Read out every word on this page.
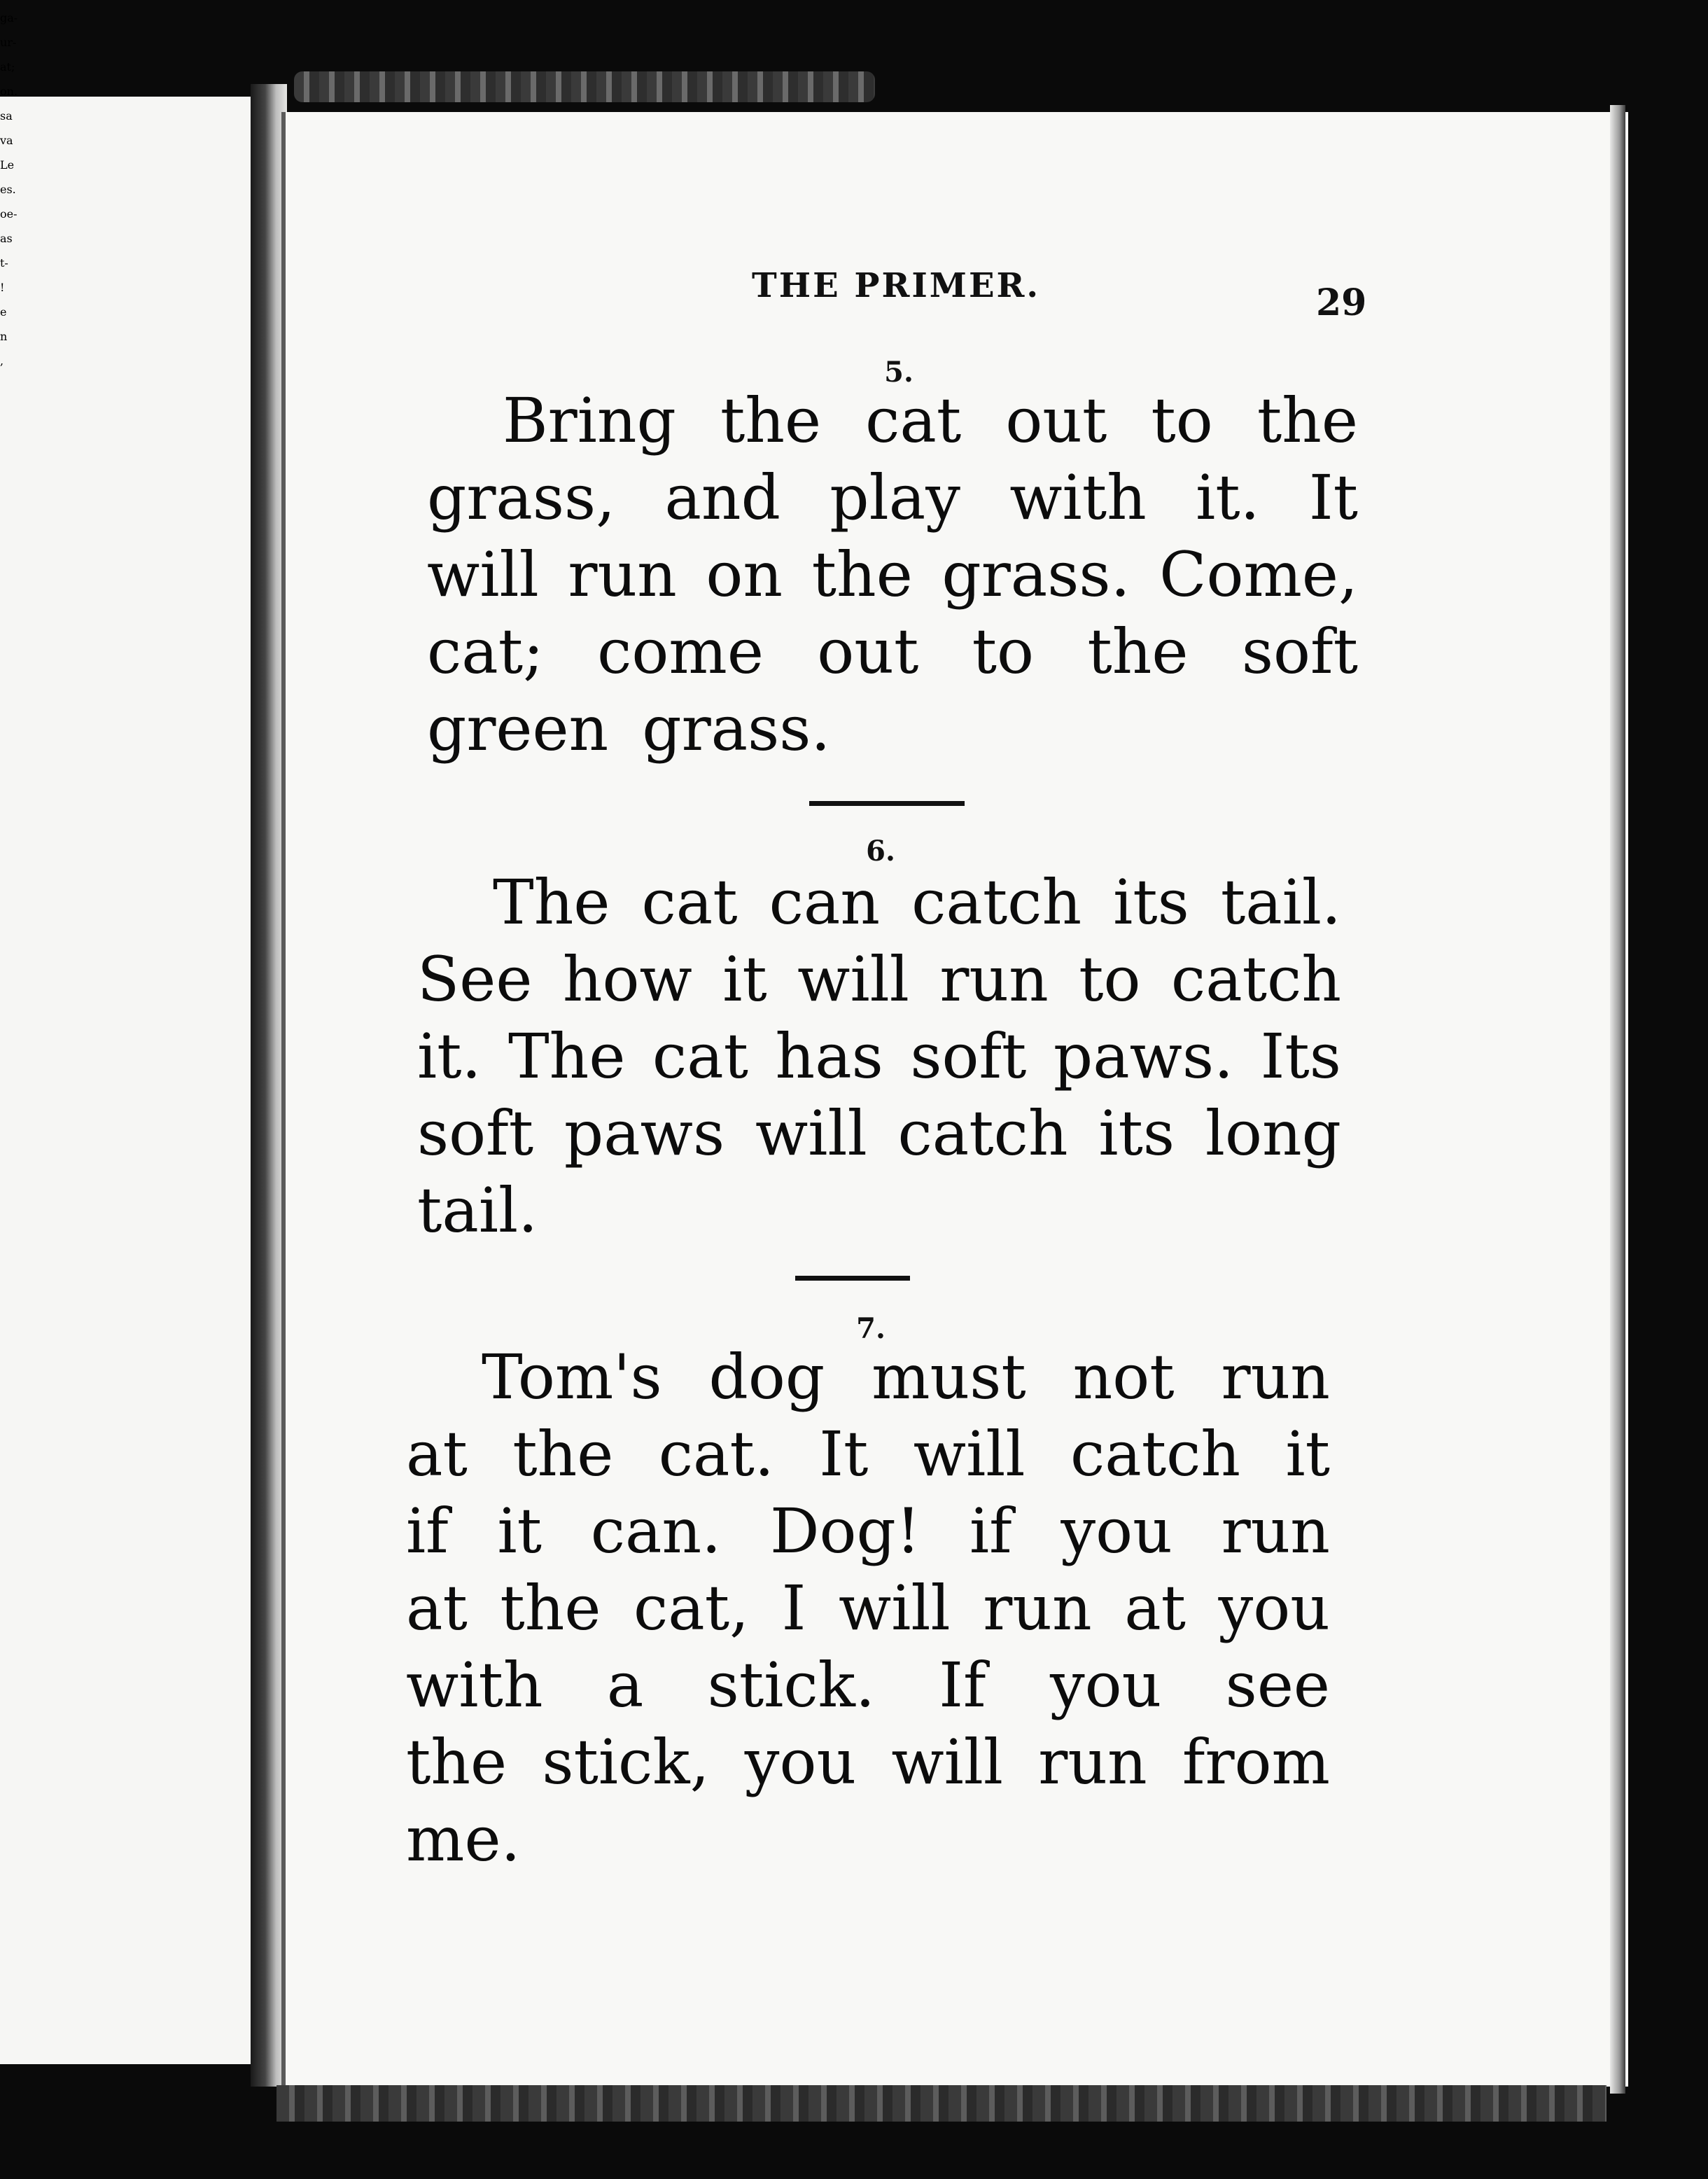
ga-

ur-

at;

on.

sa

va

Le

es.

oe-

as

t-

!

e

n

,

THE PRIMER.	29
5.
Bring the cat out to the
grass, and play with it. It
will run on the grass. Come,
cat; come out to the soft
green grass.
6.
The cat can catch its tail.
See how it will run to catch
it. The cat has soft paws. Its
soft paws will catch its long
tail.
7.
Tom's dog must not run
at the cat. It will catch it
if it can. Dog! if you run
at the cat, I will run at you
with a stick. If you see
the stick, you will run from
me.
